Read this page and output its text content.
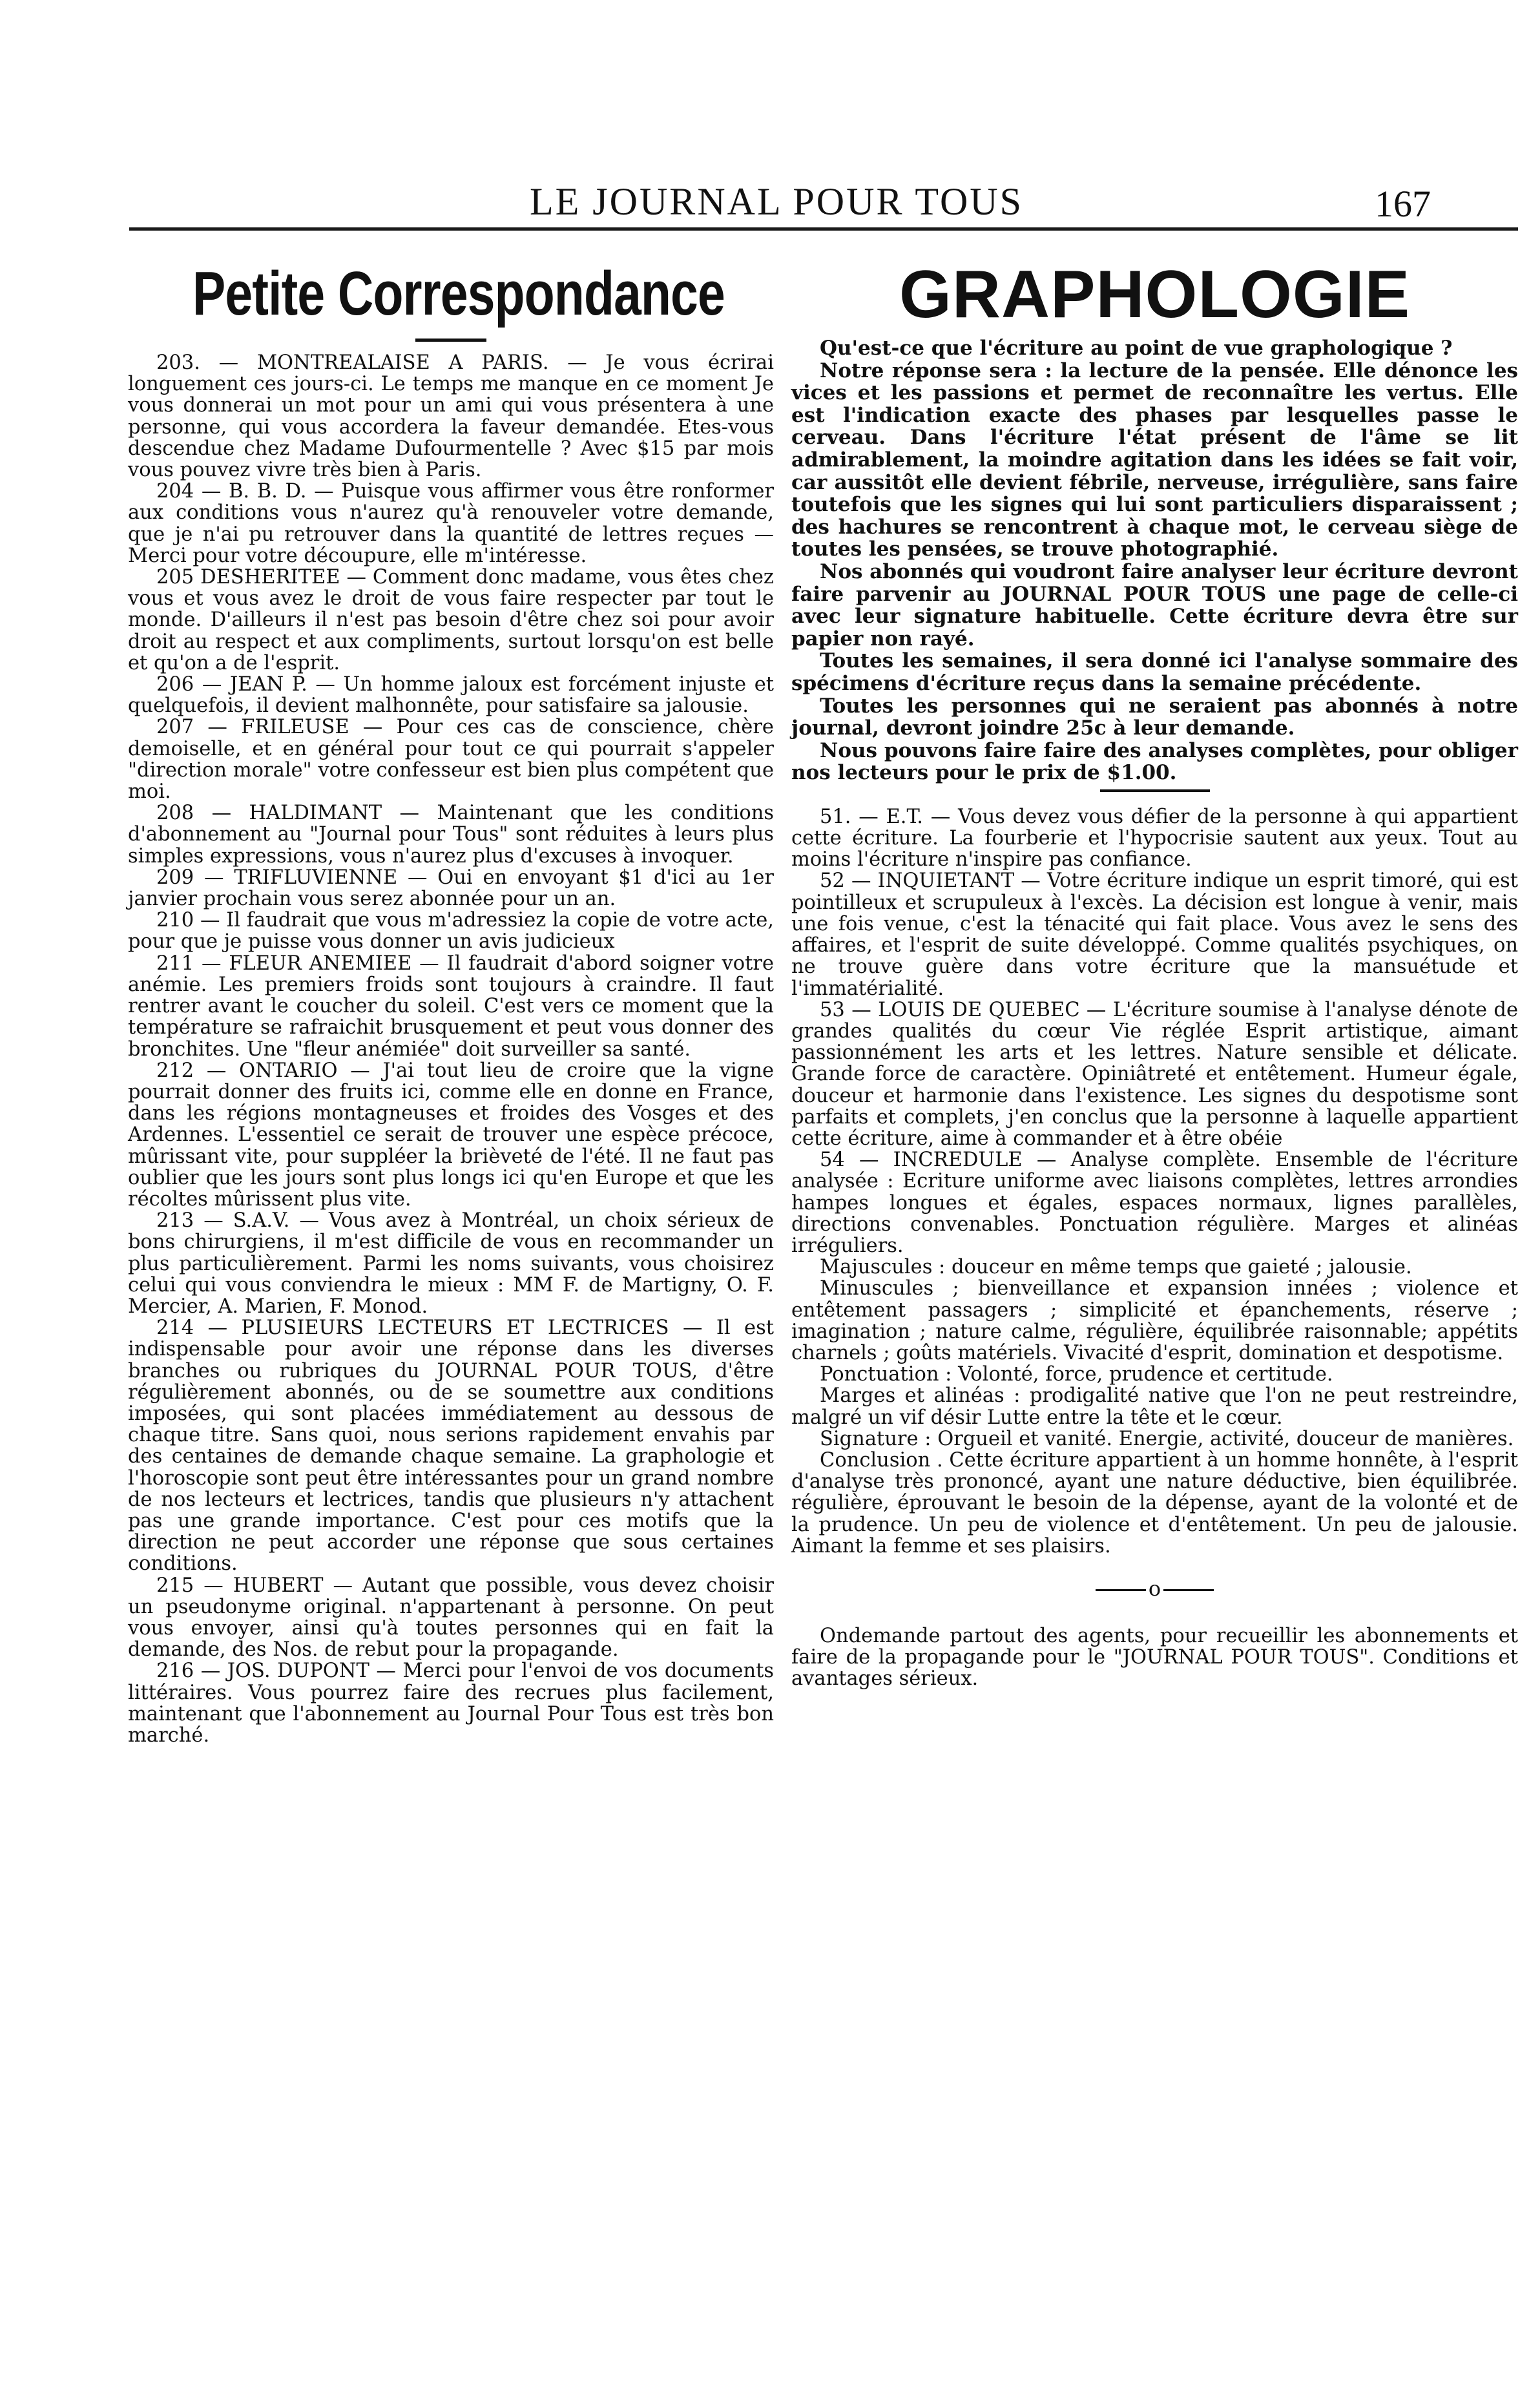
LE JOURNAL POUR TOUS	167
Petite Correspondance

203. — MONTREALAISE A PARIS. — Je vous écrirai longuement ces jours-ci. Le temps me manque en ce moment Je vous donnerai un mot pour un ami qui vous présentera à une personne, qui vous accordera la faveur demandée. Etes-vous descendue chez Madame Dufourmentelle ? Avec $15 par mois vous pouvez vivre très bien à Paris.

204 — B. B. D. — Puisque vous affirmer vous être ronformer aux conditions vous n'aurez qu'à renouveler votre demande, que je n'ai pu retrouver dans la quantité de lettres reçues — Merci pour votre découpure, elle m'intéresse.

205 DESHERITEE — Comment donc madame, vous êtes chez vous et vous avez le droit de vous faire respecter par tout le monde. D'ailleurs il n'est pas besoin d'être chez soi pour avoir droit au respect et aux compliments, surtout lorsqu'on est belle et qu'on a de l'esprit.

206 — JEAN P. — Un homme jaloux est forcément injuste et quelquefois, il devient malhonnête, pour satisfaire sa jalousie.

207 — FRILEUSE — Pour ces cas de conscience, chère demoiselle, et en général pour tout ce qui pourrait s'appeler "direction morale" votre confesseur est bien plus compétent que moi.

208 — HALDIMANT — Maintenant que les conditions d'abonnement au "Journal pour Tous" sont réduites à leurs plus simples expressions, vous n'aurez plus d'excuses à invoquer.

209 — TRIFLUVIENNE — Oui en envoyant $1 d'ici au 1er janvier prochain vous serez abonnée pour un an.

210 — Il faudrait que vous m'adressiez la copie de votre acte, pour que je puisse vous donner un avis judicieux

211 — FLEUR ANEMIEE — Il faudrait d'abord soigner votre anémie. Les premiers froids sont toujours à craindre. Il faut rentrer avant le coucher du soleil. C'est vers ce moment que la température se rafraichit brusquement et peut vous donner des bronchites. Une "fleur anémiée" doit surveiller sa santé.

212 — ONTARIO — J'ai tout lieu de croire que la vigne pourrait donner des fruits ici, comme elle en donne en France, dans les régions montagneuses et froides des Vosges et des Ardennes. L'essentiel ce serait de trouver une espèce précoce, mûrissant vite, pour suppléer la brièveté de l'été. Il ne faut pas oublier que les jours sont plus longs ici qu'en Europe et que les récoltes mûrissent plus vite.

213 — S.A.V. — Vous avez à Montréal, un choix sérieux de bons chirurgiens, il m'est difficile de vous en recommander un plus particulièrement. Parmi les noms suivants, vous choisirez celui qui vous conviendra le mieux : MM F. de Martigny, O. F. Mercier, A. Marien, F. Monod.

214 — PLUSIEURS LECTEURS ET LECTRICES — Il est indispensable pour avoir une réponse dans les diverses branches ou rubriques du JOURNAL POUR TOUS, d'être régulièrement abonnés, ou de se soumettre aux conditions imposées, qui sont placées immédiatement au dessous de chaque titre. Sans quoi, nous serions rapidement envahis par des centaines de demande chaque semaine. La graphologie et l'horoscopie sont peut être intéressantes pour un grand nombre de nos lecteurs et lectrices, tandis que plusieurs n'y attachent pas une grande importance. C'est pour ces motifs que la direction ne peut accorder une réponse que sous certaines conditions.

215 — HUBERT — Autant que possible, vous devez choisir un pseudonyme original. n'appartenant à personne. On peut vous envoyer, ainsi qu'à toutes personnes qui en fait la demande, des Nos. de rebut pour la propagande.

216 — JOS. DUPONT — Merci pour l'envoi de vos documents littéraires. Vous pourrez faire des recrues plus facilement, maintenant que l'abonnement au Journal Pour Tous est très bon marché.

GRAPHOLOGIE

Qu'est-ce que l'écriture au point de vue graphologique ?

Notre réponse sera : la lecture de la pensée. Elle dénonce les vices et les passions et permet de reconnaître les vertus. Elle est l'indication exacte des phases par lesquelles passe le cerveau. Dans l'écriture l'état présent de l'âme se lit admirablement, la moindre agitation dans les idées se fait voir, car aussitôt elle devient fébrile, nerveuse, irrégulière, sans faire toutefois que les signes qui lui sont particuliers disparaissent ; des hachures se rencontrent à chaque mot, le cerveau siège de toutes les pensées, se trouve photographié.

Nos abonnés qui voudront faire analyser leur écriture devront faire parvenir au JOURNAL POUR TOUS une page de celle-ci avec leur signature habituelle. Cette écriture devra être sur papier non rayé.

Toutes les semaines, il sera donné ici l'analyse sommaire des spécimens d'écriture reçus dans la semaine précédente.

Toutes les personnes qui ne seraient pas abonnés à notre journal, devront joindre 25c à leur demande.

Nous pouvons faire faire des analyses complètes, pour obliger nos lecteurs pour le prix de $1.00.

51. — E.T. — Vous devez vous défier de la personne à qui appartient cette écriture. La fourberie et l'hypocrisie sautent aux yeux. Tout au moins l'écriture n'inspire pas confiance.

52 — INQUIETANT — Votre écriture indique un esprit timoré, qui est pointilleux et scrupuleux à l'excès. La décision est longue à venir, mais une fois venue, c'est la ténacité qui fait place. Vous avez le sens des affaires, et l'esprit de suite développé. Comme qualités psychiques, on ne trouve guère dans votre écriture que la mansuétude et l'immatérialité.

53 — LOUIS DE QUEBEC — L'écriture soumise à l'analyse dénote de grandes qualités du cœur Vie réglée Esprit artistique, aimant passionnément les arts et les lettres. Nature sensible et délicate. Grande force de caractère. Opiniâtreté et entêtement. Humeur égale, douceur et harmonie dans l'existence. Les signes du despotisme sont parfaits et complets, j'en conclus que la personne à laquelle appartient cette écriture, aime à commander et à être obéie

54 — INCREDULE — Analyse complète. Ensemble de l'écriture analysée : Ecriture uniforme avec liaisons complètes, lettres arrondies hampes longues et égales, espaces normaux, lignes parallèles, directions convenables. Ponctuation régulière. Marges et alinéas irréguliers.

Majuscules : douceur en même temps que gaieté ; jalousie.

Minuscules ; bienveillance et expansion innées ; violence et entêtement passagers ; simplicité et épanchements, réserve ; imagination ; nature calme, régulière, équilibrée raisonnable; appétits charnels ; goûts matériels. Vivacité d'esprit, domination et despotisme.

Ponctuation : Volonté, force, prudence et certitude.

Marges et alinéas : prodigalité native que l'on ne peut restreindre, malgré un vif désir Lutte entre la tête et le cœur.

Signature : Orgueil et vanité. Energie, activité, douceur de manières.

Conclusion . Cette écriture appartient à un homme honnête, à l'esprit d'analyse très prononcé, ayant une nature déductive, bien équilibrée. régulière, éprouvant le besoin de la dépense, ayant de la volonté et de la prudence. Un peu de violence et d'entêtement. Un peu de jalousie. Aimant la femme et ses plaisirs.

o

Ondemande partout des agents, pour recueillir les abonnements et faire de la propagande pour le "JOURNAL POUR TOUS". Conditions et avantages sérieux.
